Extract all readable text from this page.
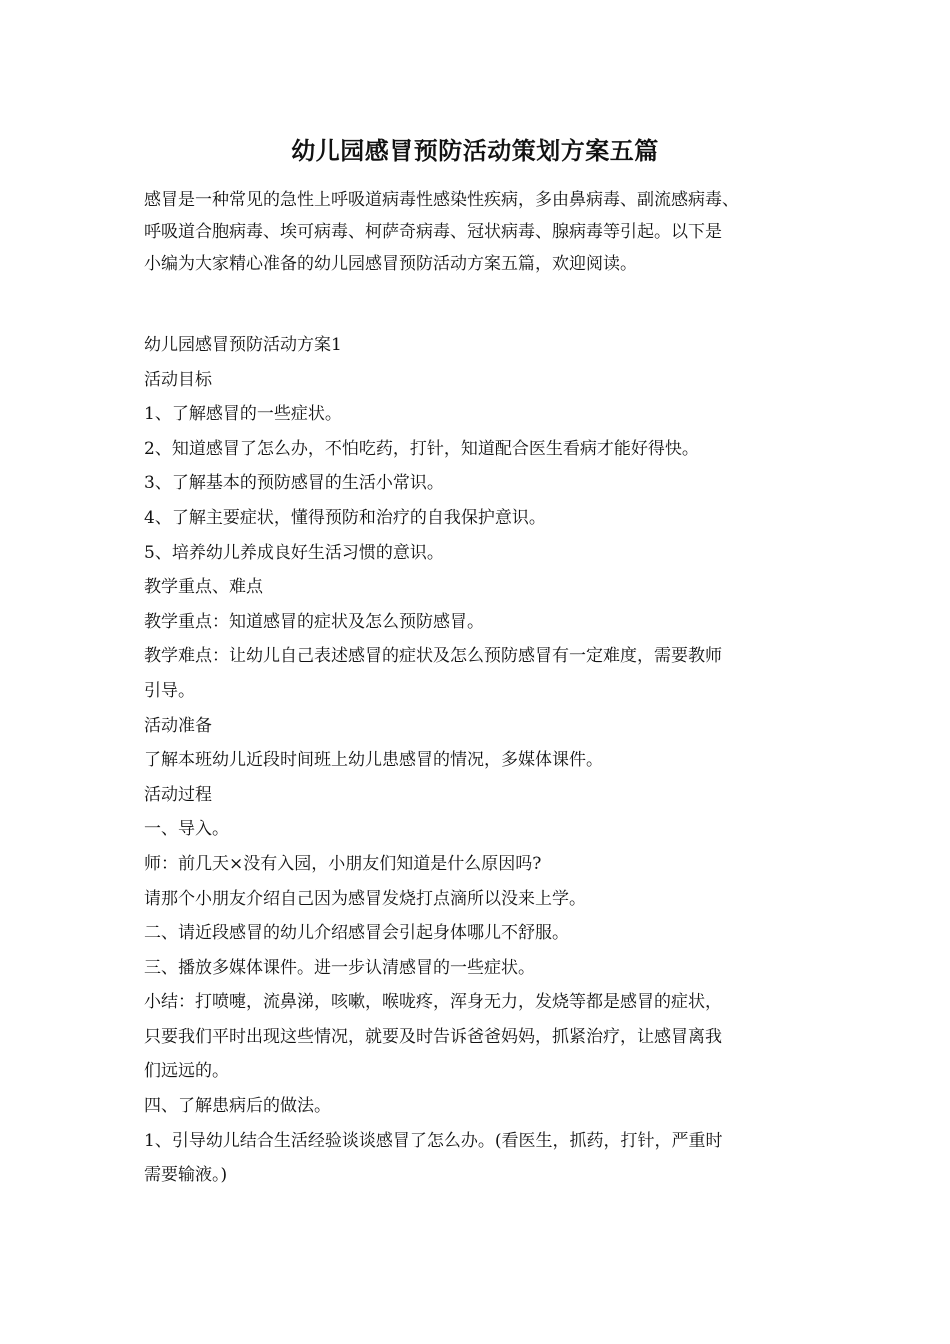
幼儿园感冒预防活动策划方案五篇

感冒是一种常见的急性上呼吸道病毒性感染性疾病，多由鼻病毒、副流感病毒、

呼吸道合胞病毒、埃可病毒、柯萨奇病毒、冠状病毒、腺病毒等引起。以下是

小编为大家精心准备的幼儿园感冒预防活动方案五篇，欢迎阅读。

幼儿园感冒预防活动方案1

活动目标

1、了解感冒的一些症状。

2、知道感冒了怎么办，不怕吃药，打针，知道配合医生看病才能好得快。

3、了解基本的预防感冒的生活小常识。

4、了解主要症状，懂得预防和治疗的自我保护意识。

5、培养幼儿养成良好生活习惯的意识。

教学重点、难点

教学重点：知道感冒的症状及怎么预防感冒。

教学难点：让幼儿自己表述感冒的症状及怎么预防感冒有一定难度，需要教师

引导。

活动准备

了解本班幼儿近段时间班上幼儿患感冒的情况，多媒体课件。

活动过程

一、导入。

师：前几天×没有入园，小朋友们知道是什么原因吗?

请那个小朋友介绍自己因为感冒发烧打点滴所以没来上学。

二、请近段感冒的幼儿介绍感冒会引起身体哪儿不舒服。

三、播放多媒体课件。进一步认清感冒的一些症状。

小结：打喷嚏，流鼻涕，咳嗽，喉咙疼，浑身无力，发烧等都是感冒的症状，

只要我们平时出现这些情况，就要及时告诉爸爸妈妈，抓紧治疗，让感冒离我

们远远的。

四、了解患病后的做法。

1、引导幼儿结合生活经验谈谈感冒了怎么办。(看医生，抓药，打针，严重时

需要输液。)
